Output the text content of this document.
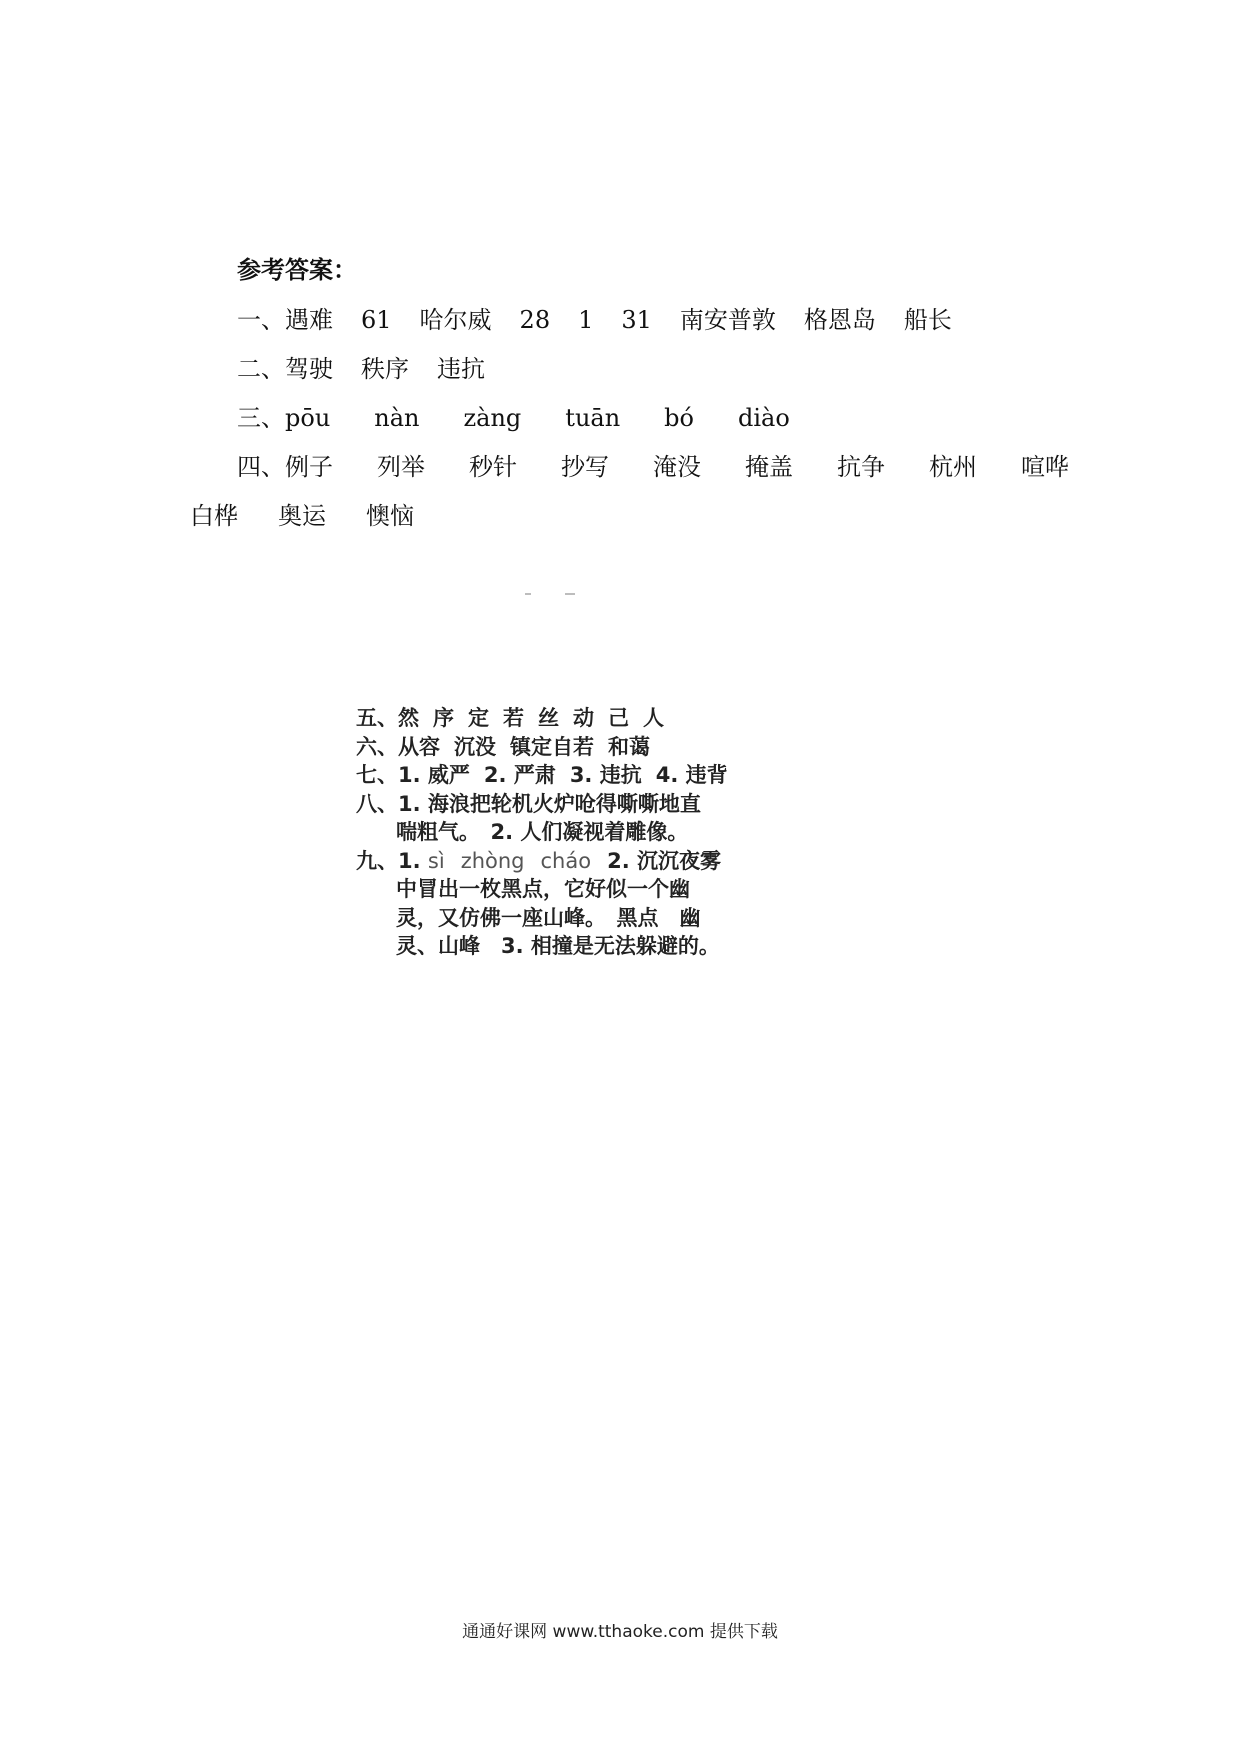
参考答案：
一、遇难 61 哈尔威 28 1 31 南安普敦 格恩岛 船长
二、驾驶 秩序 违抗
三、pōu nàn zàng tuān bó diào
四、例子 列举 秒针 抄写 淹没 掩盖 抗争 杭州 喧哗
白桦 奥运 懊恼
五、然 序 定 若 丝 动 己 人
六、从容 沉没 镇定自若 和蔼
七、1. 威严 2. 严肃 3. 违抗 4. 违背
八、1. 海浪把轮机火炉呛得嘶嘶地直
喘粗气。　2. 人们凝视着雕像。
九、1. sì zhòng cháo 2. 沉沉夜雾
中冒出一枚黑点，它好似一个幽
灵，又仿佛一座山峰。　黑点　幽
灵、山峰　3. 相撞是无法躲避的。
通通好课网 www.tthaoke.com 提供下载
